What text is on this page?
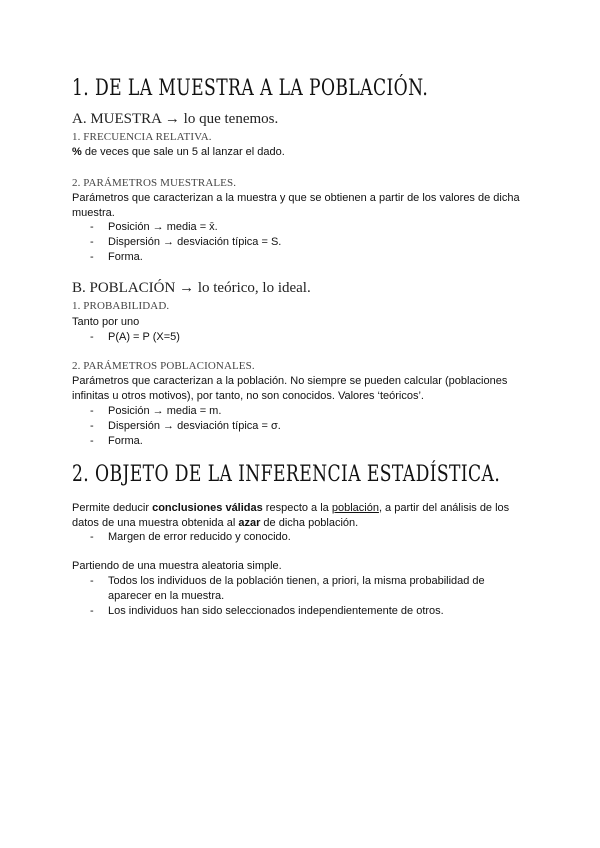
1. DE LA MUESTRA A LA POBLACIÓN.
A. MUESTRA → lo que tenemos.
1. FRECUENCIA RELATIVA.
% de veces que sale un 5 al lanzar el dado.
2. PARÁMETROS MUESTRALES.
Parámetros que caracterizan a la muestra y que se obtienen a partir de los valores de dicha muestra.
- Posición → media = x̄.
- Dispersión → desviación típica = S.
- Forma.
B. POBLACIÓN → lo teórico, lo ideal.
1. PROBABILIDAD.
Tanto por uno
- P(A) = P (X=5)
2. PARÁMETROS POBLACIONALES.
Parámetros que caracterizan a la población. No siempre se pueden calcular (poblaciones infinitas u otros motivos), por tanto, no son conocidos. Valores ‘teóricos’.
- Posición → media = m.
- Dispersión → desviación típica = σ.
- Forma.
2. OBJETO DE LA INFERENCIA ESTADÍSTICA.
Permite deducir conclusiones válidas respecto a la población, a partir del análisis de los datos de una muestra obtenida al azar de dicha población.
- Margen de error reducido y conocido.
Partiendo de una muestra aleatoria simple.
- Todos los individuos de la población tienen, a priori, la misma probabilidad de aparecer en la muestra.
- Los individuos han sido seleccionados independientemente de otros.
